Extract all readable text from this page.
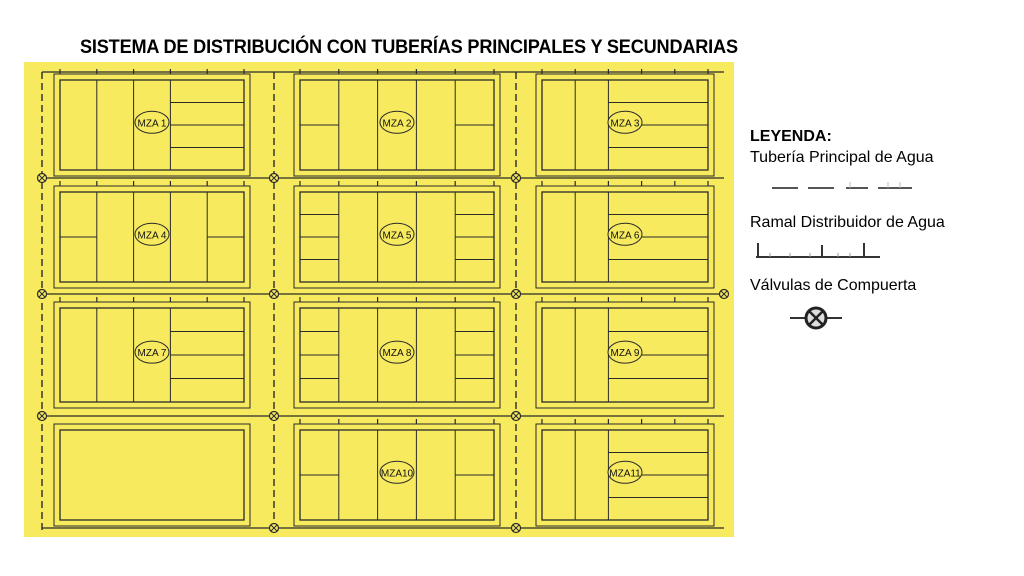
SISTEMA DE DISTRIBUCIÓN CON TUBERÍAS PRINCIPALES Y SECUNDARIAS
MZA 1	MZA 2	MZA 3
MZA 4	MZA 5	MZA 6
MZA 7	MZA 8	MZA 9
MZA10	MZA11
LEYENDA:
Tubería Principal de Agua
Ramal Distribuidor de Agua
Válvulas de Compuerta
